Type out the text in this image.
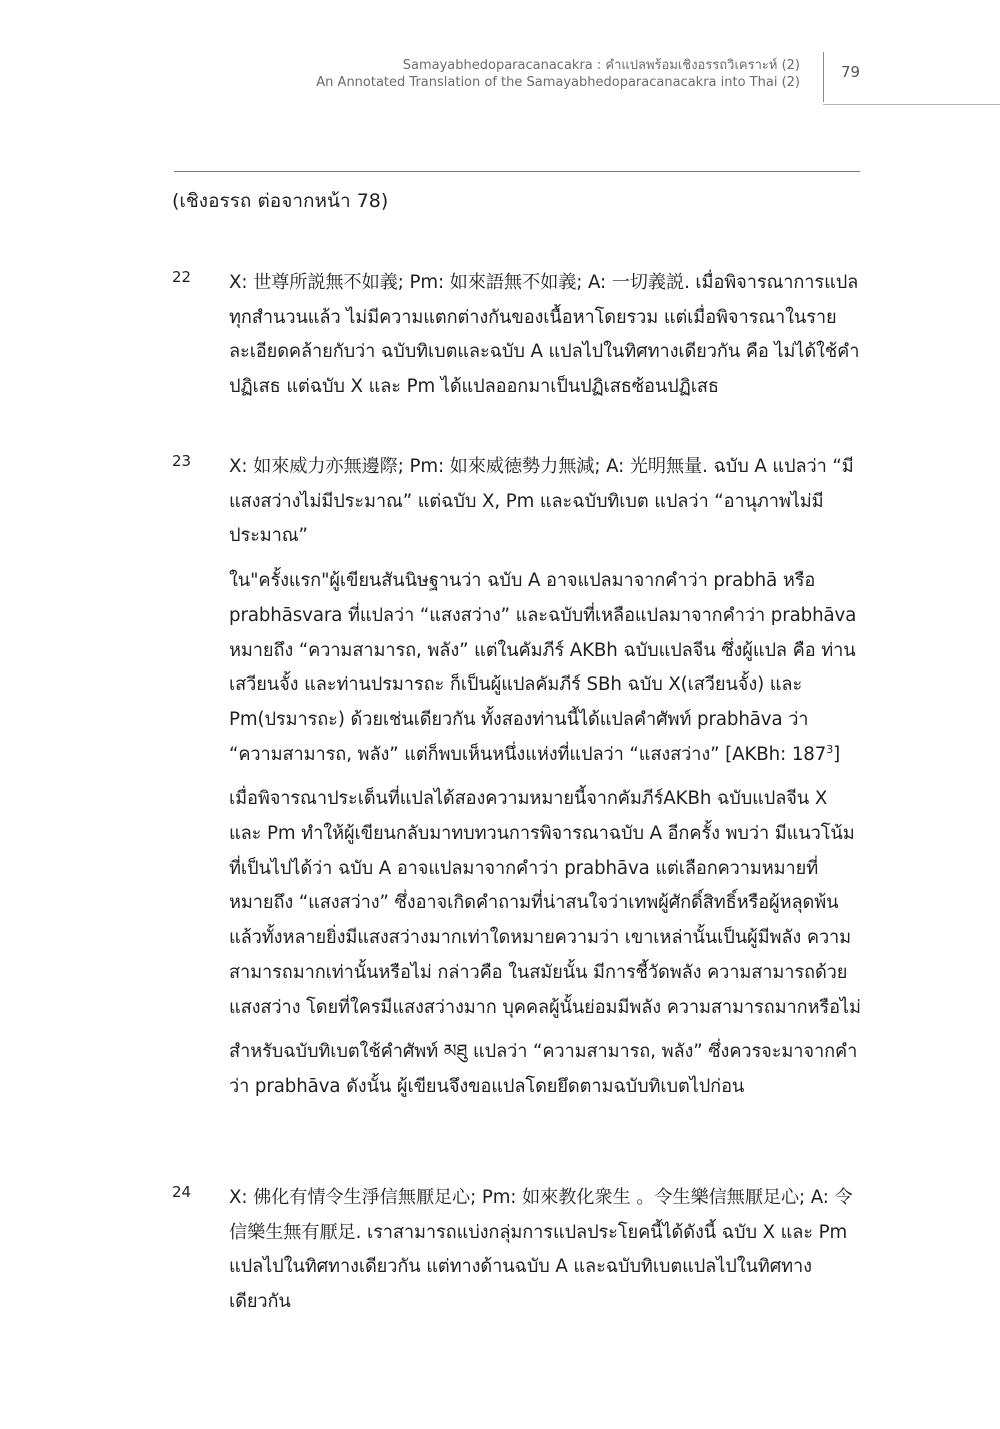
Samayabhedoparacanacakra : คำแปลพร้อมเชิงอรรถวิเคราะห์ (2)
An Annotated Translation of the Samayabhedoparacanacakra into Thai (2)
79
(เชิงอรรถ ต่อจากหน้า 78)
22	X: 世尊所説無不如義; Pm: 如來語無不如義; A: 一切義説. เมื่อพิจารณาการแปลทุกสำนวนแล้ว ไม่มีความแตกต่างกันของเนื้อหาโดยรวม แต่เมื่อพิจารณาในรายละเอียดคล้ายกับว่า ฉบับทิเบตและฉบับ A แปลไปในทิศทางเดียวกัน คือ ไม่ได้ใช้คำปฏิเสธ แต่ฉบับ X และ Pm ได้แปลออกมาเป็นปฏิเสธซ้อนปฏิเสธ

23	X: 如來威力亦無邊際; Pm: 如來威徳勢力無減; A: 光明無量. ฉบับ A แปลว่า “มีแสงสว่างไม่มีประมาณ” แต่ฉบับ X, Pm และฉบับทิเบต แปลว่า “อานุภาพไม่มีประมาณ”

ใน"ครั้งแรก"ผู้เขียนสันนิษฐานว่า ฉบับ A อาจแปลมาจากคำว่า prabhā หรือ prabhāsvara ที่แปลว่า “แสงสว่าง” และฉบับที่เหลือแปลมาจากคำว่า prabhāva หมายถึง “ความสามารถ, พลัง” แต่ในคัมภีร์ AKBh ฉบับแปลจีน ซึ่งผู้แปล คือ ท่านเสวียนจั้ง และท่านปรมารถะ ก็เป็นผู้แปลคัมภีร์ SBh ฉบับ X(เสวียนจั้ง) และ Pm(ปรมารถะ) ด้วยเช่นเดียวกัน ทั้งสองท่านนี้ได้แปลคำศัพท์ prabhāva ว่า “ความสามารถ, พลัง” แต่ก็พบเห็นหนึ่งแห่งที่แปลว่า “แสงสว่าง” [AKBh: $187^3$]

เมื่อพิจารณาประเด็นที่แปลได้สองความหมายนี้จากคัมภีร์AKBh ฉบับแปลจีน X และ Pm ทำให้ผู้เขียนกลับมาทบทวนการพิจารณาฉบับ A อีกครั้ง พบว่า มีแนวโน้มที่เป็นไปได้ว่า ฉบับ A อาจแปลมาจากคำว่า prabhāva แต่เลือกความหมายที่หมายถึง “แสงสว่าง” ซึ่งอาจเกิดคำถามที่น่าสนใจว่าเทพผู้ศักดิ์สิทธิ์หรือผู้หลุดพ้นแล้วทั้งหลายยิ่งมีแสงสว่างมากเท่าใดหมายความว่า เขาเหล่านั้นเป็นผู้มีพลัง ความสามารถมากเท่านั้นหรือไม่ กล่าวคือ ในสมัยนั้น มีการชี้วัดพลัง ความสามารถด้วยแสงสว่าง โดยที่ใครมีแสงสว่างมาก บุคคลผู้นั้นย่อมมีพลัง ความสามารถมากหรือไม่

สำหรับฉบับทิเบตใช้คำศัพท์ མཐུ แปลว่า “ความสามารถ, พลัง” ซึ่งควรจะมาจากคำว่า prabhāva ดังนั้น ผู้เขียนจึงขอแปลโดยยึดตามฉบับทิเบตไปก่อน

24	X: 佛化有情令生淨信無厭足心; Pm: 如來教化衆生 。令生樂信無厭足心; A: 令信樂生無有厭足. เราสามารถแบ่งกลุ่มการแปลประโยคนี้ได้ดังนี้ ฉบับ X และ Pm แปลไปในทิศทางเดียวกัน แต่ทางด้านฉบับ A และฉบับทิเบตแปลไปในทิศทางเดียวกัน
